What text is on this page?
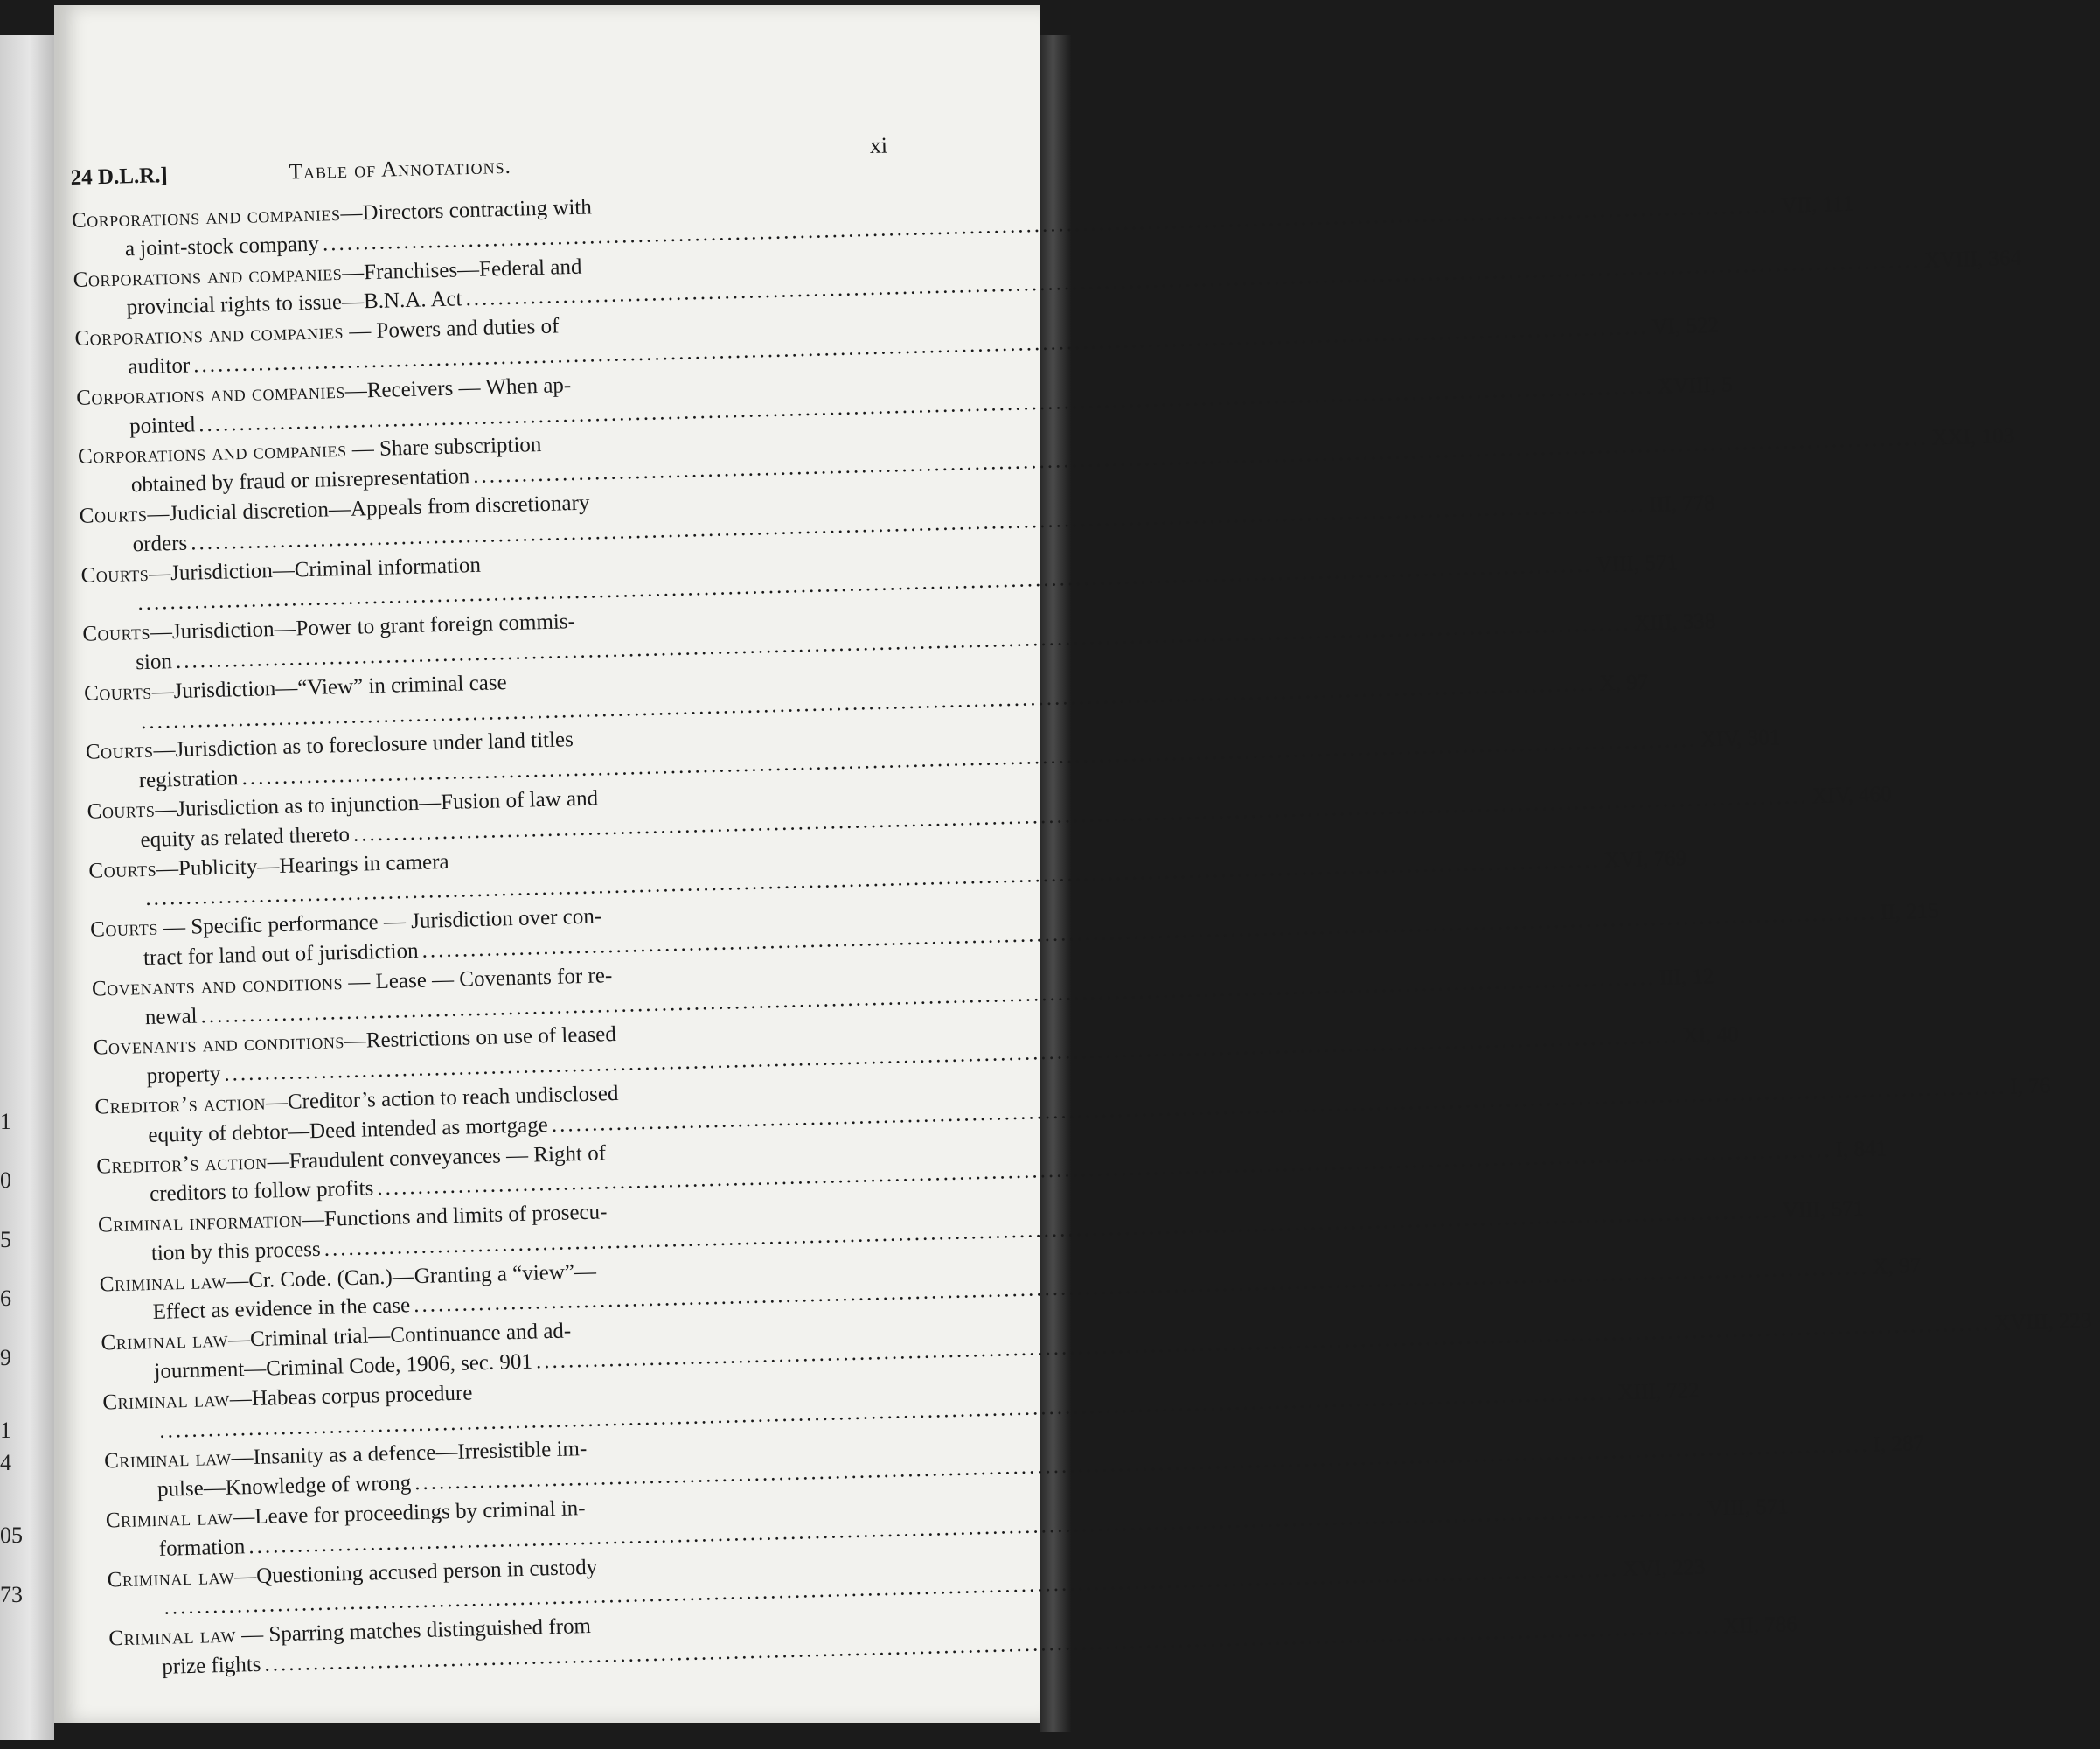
1
0
5
6
9
1
4
05
73
24 D.L.R.]	Table of Annotations.
xi
Corporations and companies—Directors contracting with
a joint-stock company
.....
VII, 111
Corporations and companies—Franchises—Federal and
provincial rights to issue—B.N.A. Act
.....
XVIII, 364
Corporations and companies — Powers and duties of
auditor
.....
VI, 522
Corporations and companies—Receivers — When ap-
pointed
.....
XVIII, 5
Corporations and companies — Share subscription
obtained by fraud or misrepresentation
.....
XXI, 103
Courts—Judicial discretion—Appeals from discretionary
orders
.....
III, 778
Courts—Jurisdiction—Criminal information .....	VIII, 571
Courts—Jurisdiction—Power to grant foreign commis-
sion
.....
XIII, 338
Courts—Jurisdiction—“View” in criminal case .....	X, 97
Courts—Jurisdiction as to foreclosure under land titles
registration
.....
XIV, 301
Courts—Jurisdiction as to injunction—Fusion of law and
equity as related thereto
.....
XIV, 460
Courts—Publicity—Hearings in camera .....	XVI, 769
Courts — Specific performance — Jurisdiction over con-
tract for land out of jurisdiction
.....
II, 215
Covenants and conditions — Lease — Covenants for re-
newal
.....
III, 12
Covenants and conditions—Restrictions on use of leased
property
.....
XI, 40
Creditor’s action—Creditor’s action to reach undisclosed
equity of debtor—Deed intended as mortgage
.....
I, 76
Creditor’s action—Fraudulent conveyances — Right of
creditors to follow profits
.....
I, 841
Criminal information—Functions and limits of prosecu-
tion by this process
.....
VIII, 571
Criminal law—Cr. Code. (Can.)—Granting a “view”—
Effect as evidence in the case
.....
X, 97
Criminal law—Criminal trial—Continuance and ad-
journment—Criminal Code, 1906, sec. 901
.....
XVIII, 223
Criminal law—Habeas corpus procedure .....	XIII, 722
Criminal law—Insanity as a defence—Irresistible im-
pulse—Knowledge of wrong
.....
I, 287
Criminal law—Leave for proceedings by criminal in-
formation
.....
VIII, 571
Criminal law—Questioning accused person in custody .....	XVI, 223
Criminal law — Sparring matches distinguished from
prize fights
.....
XII, 786
